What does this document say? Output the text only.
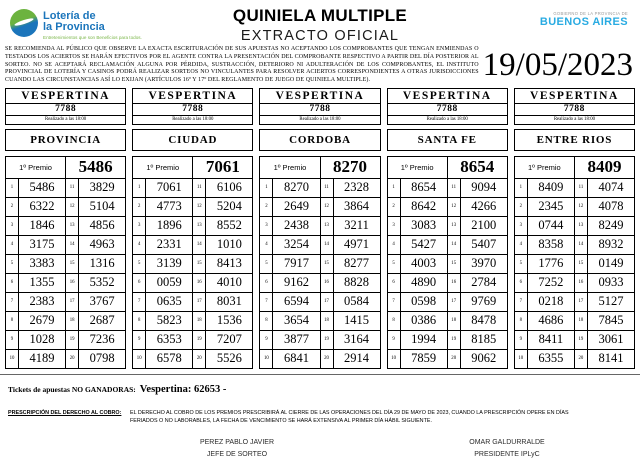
Lotería de
la Provincia
Entretenimientos que son Beneficios para todos.
QUINIELA MULTIPLE
EXTRACTO OFICIAL
GOBIERNO DE LA PROVINCIA DE
BUENOS AIRES

SE RECOMIENDA AL PÚBLICO QUE OBSERVE LA EXACTA ESCRITURACIÓN DE SUS APUESTAS NO ACEPTANDO LOS COMPROBANTES QUE TENGAN ENMIENDAS O TESTADOS LOS ACIERTOS SE HARÁN EFECTIVOS POR EL AGENTE CONTRA LA PRESENTACIÓN DEL COMPROBANTE RESPECTIVO A PARTIR DEL DÍA POSTERIOR AL SORTEO. NO SE ACEPTARÁ RECLAMACIÓN ALGUNA POR PÉRDIDA, SUSTRACCIÓN, DETERIORO NI ADULTERACIÓN DE LOS COMPROBANTES, EL INSTITUTO PROVINCIAL DE LOTERÍA Y CASINOS PODRÁ REALIZAR SORTEOS NO VINCULANTES PARA RESOLVER ACIERTOS CORRESPONDIENTES A OTRAS JURISDICCIONES CUANDO LAS CIRCUNSTANCIAS ASÍ LO EXIJAN (ARTÍCULOS 16º Y 17º DEL REGLAMENTO DE JUEGO DE QUINIELA MULTIPLE).	19/05/2023
VESPERTINA
7788
Realizado a las 18:00
PROVINCIA
1º Premio		5486	
1	5486	11	3829
2	6322	12	5104
3	1846	13	4856
4	3175	14	4963
5	3383	15	1316
6	1355	16	5352
7	2383	17	3767
8	2679	18	2687
9	1028	19	7236
10	4189	20	0798
VESPERTINA
7788
Realizado a las 18:00
CIUDAD
1º Premio		7061	
1	7061	11	6106
2	4773	12	5204
3	1896	13	8552
4	2331	14	1010
5	3139	15	8413
6	0059	16	4010
7	0635	17	8031
8	5823	18	1536
9	6353	19	7207
10	6578	20	5526
VESPERTINA
7788
Realizado a las 18:00
CORDOBA
1º Premio		8270	
1	8270	11	2328
2	2649	12	3864
3	2438	13	3211
4	3254	14	4971
5	7917	15	8277
6	9162	16	8828
7	6594	17	0584
8	3654	18	1415
9	3877	19	3164
10	6841	20	2914
VESPERTINA
7788
Realizado a las 18:00
SANTA FE
1º Premio		8654	
1	8654	11	9094
2	8642	12	4266
3	3083	13	2100
4	5427	14	5407
5	4003	15	3970
6	4890	16	2784
7	0598	17	9769
8	0386	18	8478
9	1994	19	8185
10	7859	20	9062
VESPERTINA
7788
Realizado a las 18:00
ENTRE RIOS
1º Premio		8409	
1	8409	11	4074
2	2345	12	4078
3	0744	13	8249
4	8358	14	8932
5	1776	15	0149
6	7252	16	0933
7	0218	17	5127
8	4686	18	7845
9	8411	19	3061
10	6355	20	8141
Tickets de apuestas NO GANADORAS: Vespertina: 62653 -
PRESCRIPCIÓN DEL DERECHO AL COBRO: EL DERECHO AL COBRO DE LOS PREMIOS PRESCRIBIRÁ AL CIERRE DE LAS OPERACIONES DEL DÍA 29 DE MAYO DE 2023, CUANDO LA PRESCRIPCIÓN OPERE EN DÍAS FERIADOS O NO LABORABLES, LA FECHA DE VENCIMIENTO SE HARÁ EXTENSIVA AL PRIMER DÍA HÁBIL SIGUIENTE.
PEREZ PABLO JAVIER
JEFE DE SORTEO
OMAR GALDURRALDE
PRESIDENTE IPLyC
